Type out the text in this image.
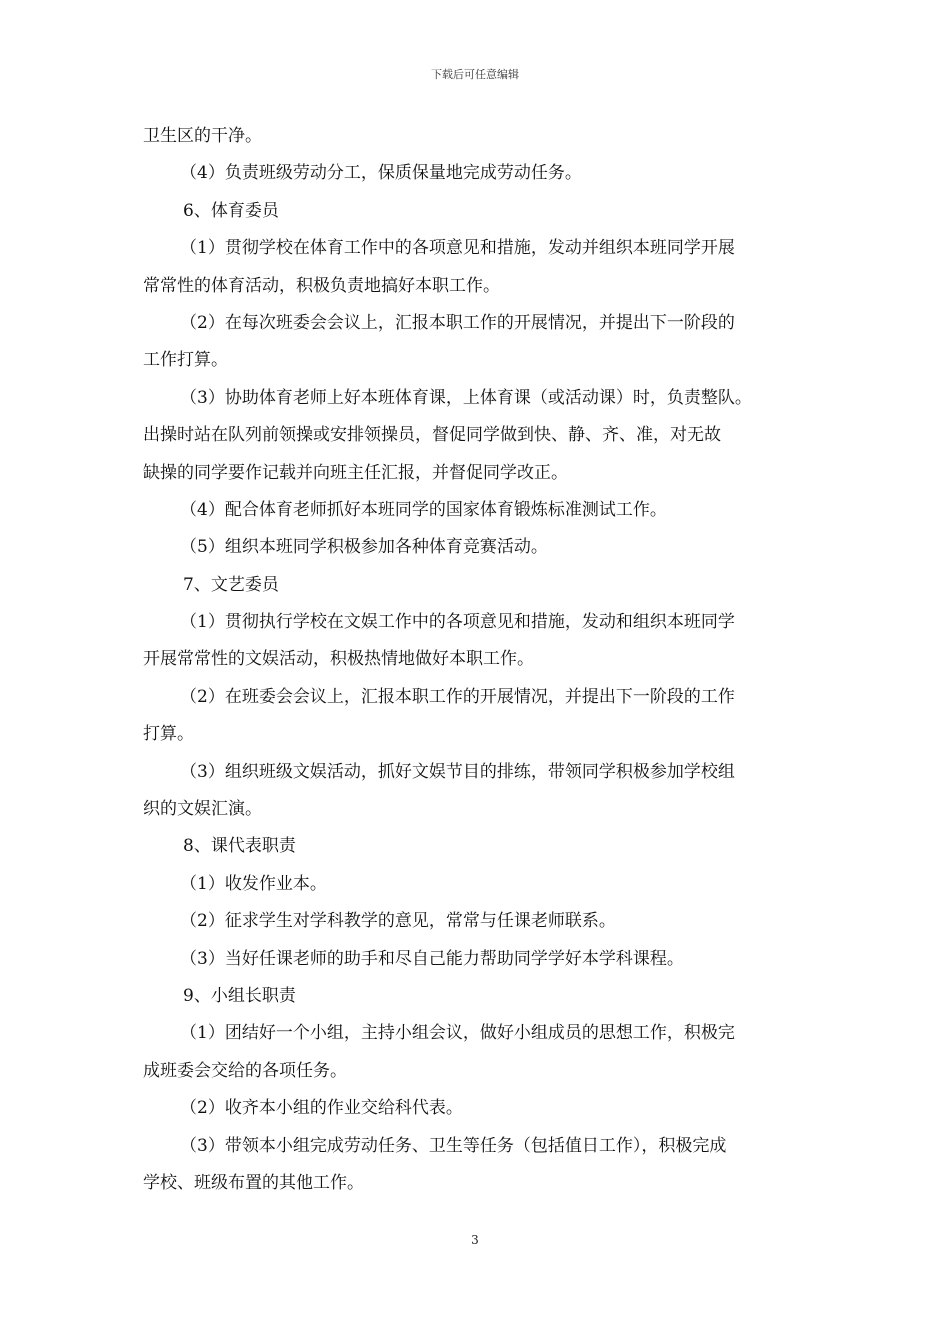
下载后可任意编辑
卫生区的干净。
（4）负责班级劳动分工，保质保量地完成劳动任务。
6、体育委员
（1）贯彻学校在体育工作中的各项意见和措施，发动并组织本班同学开展
常常性的体育活动，积极负责地搞好本职工作。
（2）在每次班委会会议上，汇报本职工作的开展情况，并提出下一阶段的
工作打算。
（3）协助体育老师上好本班体育课，上体育课（或活动课）时，负责整队。
出操时站在队列前领操或安排领操员，督促同学做到快、静、齐、准，对无故
缺操的同学要作记载并向班主任汇报，并督促同学改正。
（4）配合体育老师抓好本班同学的国家体育锻炼标准测试工作。
（5）组织本班同学积极参加各种体育竞赛活动。
7、文艺委员
（1）贯彻执行学校在文娱工作中的各项意见和措施，发动和组织本班同学
开展常常性的文娱活动，积极热情地做好本职工作。
（2）在班委会会议上，汇报本职工作的开展情况，并提出下一阶段的工作
打算。
（3）组织班级文娱活动，抓好文娱节目的排练，带领同学积极参加学校组
织的文娱汇演。
8、课代表职责
（1）收发作业本。
（2）征求学生对学科教学的意见，常常与任课老师联系。
（3）当好任课老师的助手和尽自己能力帮助同学学好本学科课程。
9、小组长职责
（1）团结好一个小组，主持小组会议，做好小组成员的思想工作，积极完
成班委会交给的各项任务。
（2）收齐本小组的作业交给科代表。
（3）带领本小组完成劳动任务、卫生等任务（包括值日工作），积极完成
学校、班级布置的其他工作。
3
